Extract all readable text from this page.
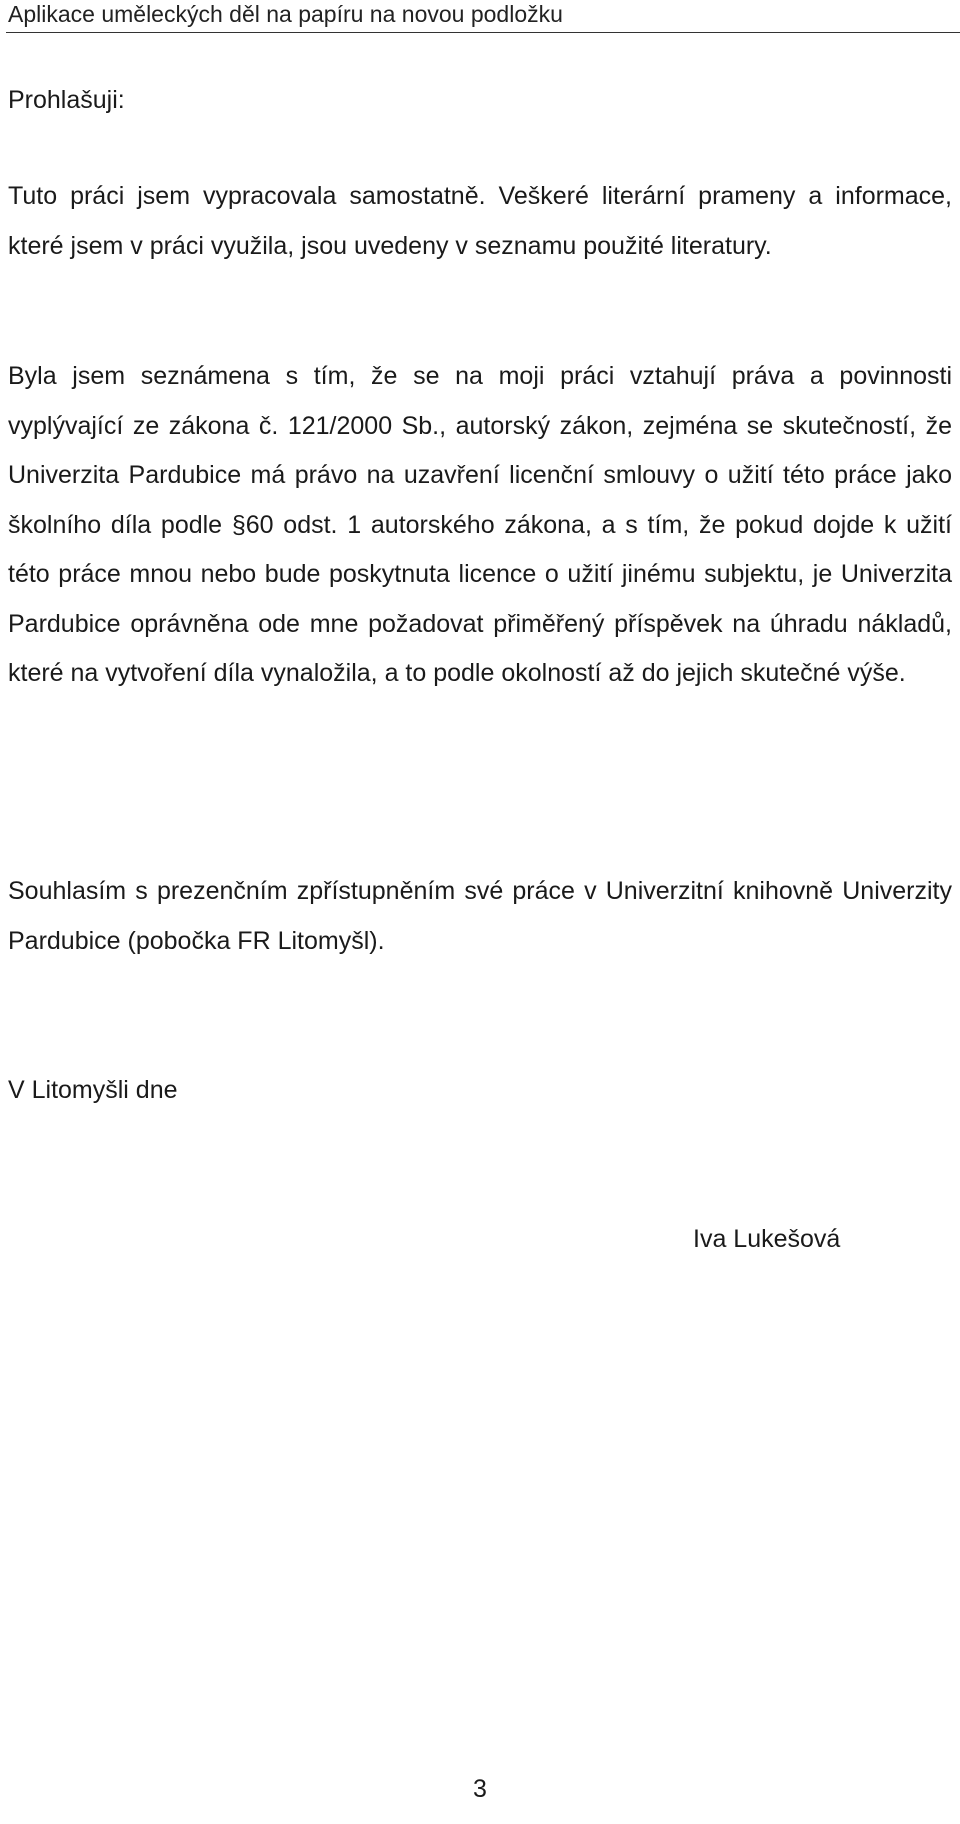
Aplikace uměleckých děl na papíru na novou podložku
Prohlašuji:

Tuto práci jsem vypracovala samostatně. Veškeré literární prameny a informace, které jsem v práci využila, jsou uvedeny v seznamu použité literatury.

Byla jsem seznámena s tím, že se na moji práci vztahují práva a povinnosti vyplývající ze zákona č. 121/2000 Sb., autorský zákon, zejména se skutečností, že Univerzita Pardubice má právo na uzavření licenční smlouvy o užití této práce jako školního díla podle §60 odst. 1 autorského zákona, a s tím, že pokud dojde k užití této práce mnou nebo bude poskytnuta licence o užití jinému subjektu, je Univerzita Pardubice oprávněna ode mne požadovat přiměřený příspěvek na úhradu nákladů, které na vytvoření díla vynaložila, a to podle okolností až do jejich skutečné výše.

Souhlasím s prezenčním zpřístupněním své práce v Univerzitní knihovně Univerzity Pardubice (pobočka FR Litomyšl).

V Litomyšli dne
Iva Lukešová
3
